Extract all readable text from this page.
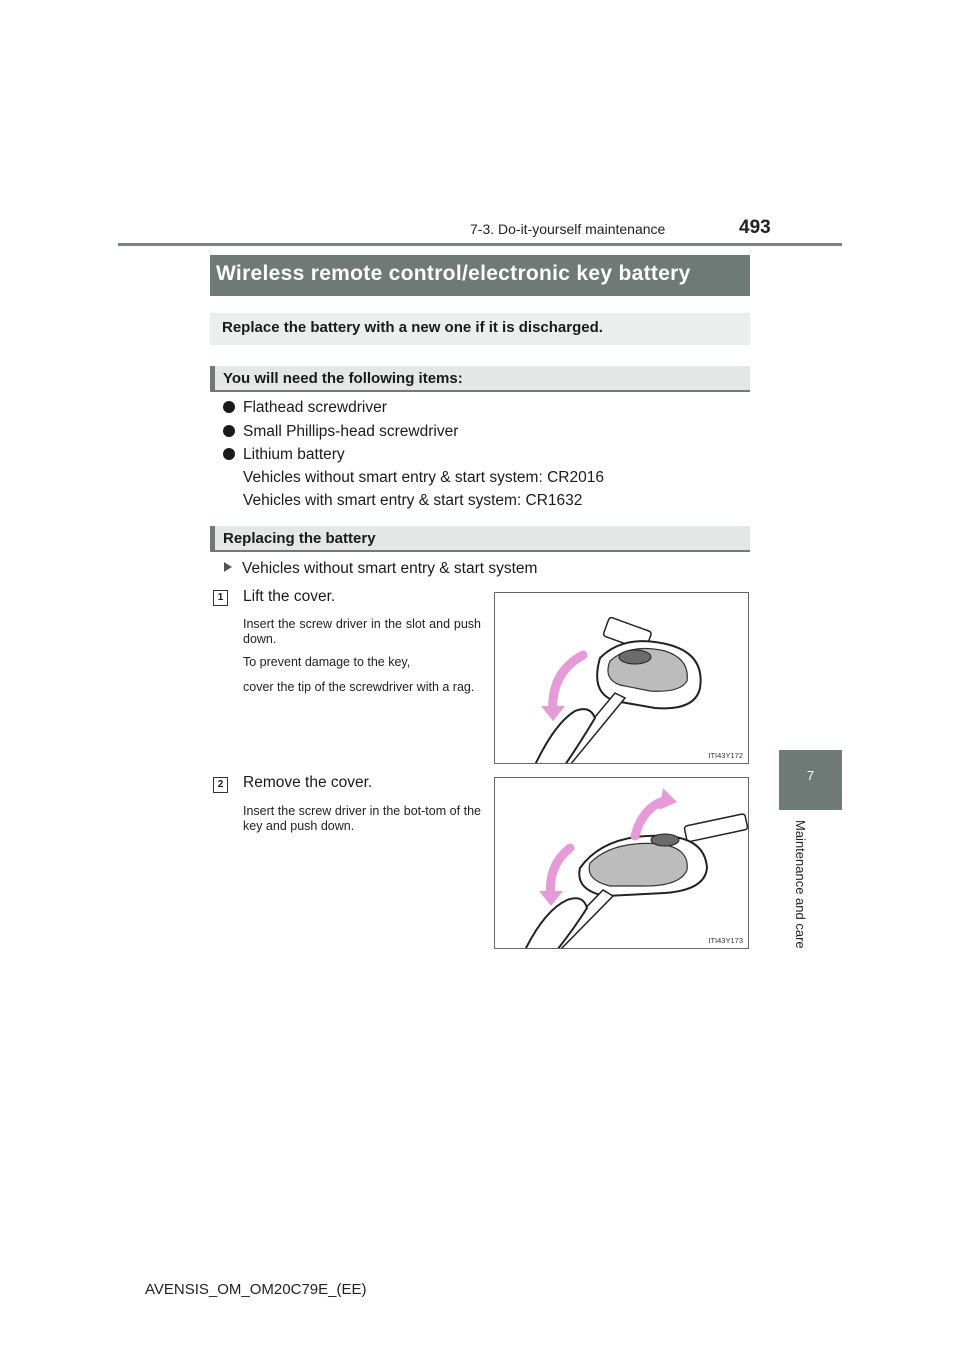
7-3. Do-it-yourself maintenance	493
7
Maintenance and care
Wireless remote control/electronic key battery
Replace the battery with a new one if it is discharged.
You will need the following items:
Flathead screwdriver
Small Phillips-head screwdriver
Lithium battery
Vehicles without smart entry & start system: CR2016
Vehicles with smart entry & start system: CR1632
Replacing the battery
Vehicles without smart entry & start system
1	Lift the cover.
Insert the screw driver in the slot and push down.
To prevent damage to the key,
cover the tip of the screwdriver with a rag.
ITI43Y172
2	Remove the cover.
Insert the screw driver in the bot-tom of the key and push down.
ITI43Y173
AVENSIS_OM_OM20C79E_(EE)
